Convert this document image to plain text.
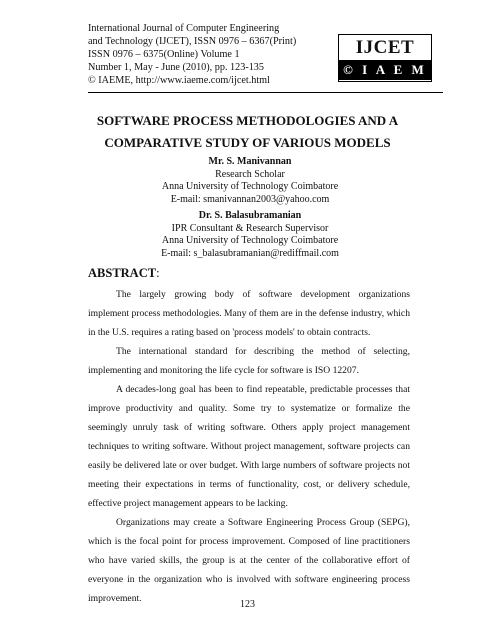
International Journal of Computer Engineering
and Technology (IJCET), ISSN 0976 – 6367(Print)
ISSN 0976 – 6375(Online) Volume 1
Number 1, May - June (2010), pp. 123-135
© IAEME, http://www.iaeme.com/ijcet.html
IJCET
© I A E M E
SOFTWARE PROCESS METHODOLOGIES AND A
COMPARATIVE STUDY OF VARIOUS MODELS
Mr. S. Manivannan
Research Scholar
Anna University of Technology Coimbatore
E-mail: smanivannan2003@yahoo.com
Dr. S. Balasubramanian
IPR Consultant & Research Supervisor
Anna University of Technology Coimbatore
E-mail: s_balasubramanian@rediffmail.com
ABSTRACT:

The largely growing body of software development organizations implement process methodologies. Many of them are in the defense industry, which in the U.S. requires a rating based on 'process models' to obtain contracts.

The international standard for describing the method of selecting, implementing and monitoring the life cycle for software is ISO 12207.

A decades-long goal has been to find repeatable, predictable processes that improve productivity and quality. Some try to systematize or formalize the seemingly unruly task of writing software. Others apply project management techniques to writing software. Without project management, software projects can easily be delivered late or over budget. With large numbers of software projects not meeting their expectations in terms of functionality, cost, or delivery schedule, effective project management appears to be lacking.

Organizations may create a Software Engineering Process Group (SEPG), which is the focal point for process improvement. Composed of line practitioners who have varied skills, the group is at the center of the collaborative effort of everyone in the organization who is involved with software engineering process improvement.

123
